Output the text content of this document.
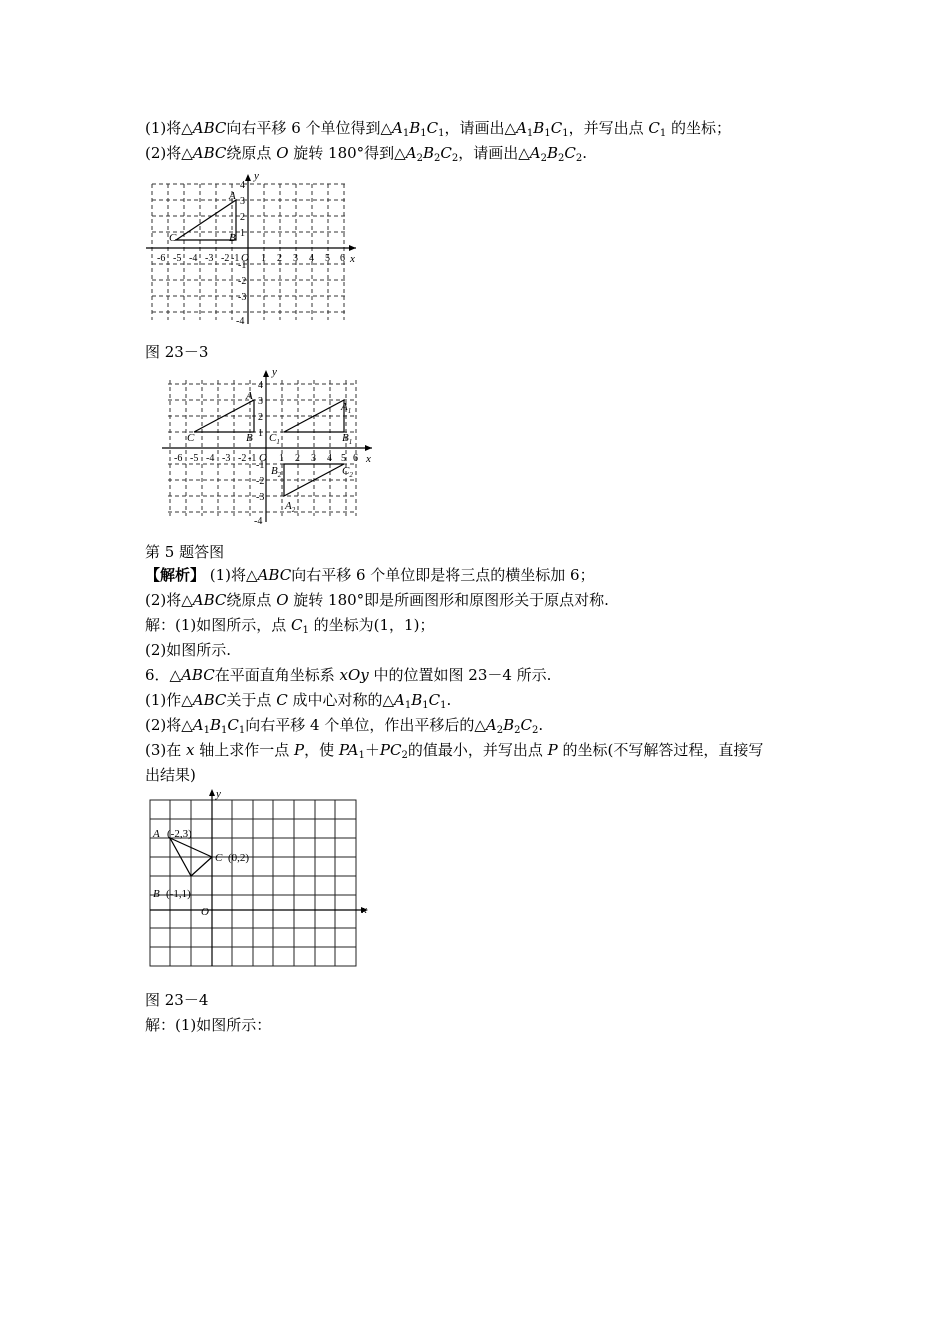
(1)将△ABC向右平移 6 个单位得到$\triangle A_1B_1C_1$，请画出$\triangle A_1B_1C_1$，并写出点 $C_1$ 的坐标；
(2)将△ABC绕原点 O 旋转 180°得到$\triangle A_2B_2C_2$，请画出$\triangle A_2B_2C_2$.
x
y
O
A
B
C
-6 -5 -4 -3 -2 -1 1 2 3 4 5 6
4
3
2
1
-1
-2
-3
-4
图 23－3
x
y
O
A
B
C
$A_1$
$B_1$
$C_1$
$A_2$
$B_2$	$C_2$
-6 -5 -4 -3 -2 -1 1 2 3 4 5 6
4
3
2
1
-1
-2
-3
-4
第 5 题答图
【解析】 (1)将△ABC向右平移 6 个单位即是将三点的横坐标加 6；
(2)将△ABC绕原点 O 旋转 180°即是所画图形和原图形关于原点对称.
解：(1)如图所示，点 $C_1$ 的坐标为(1，1)；
(2)如图所示.
6．△ABC在平面直角坐标系 xOy 中的位置如图 23－4 所示.
(1)作△ABC关于点 C 成中心对称的$\triangle A_1B_1C_1$.
(2)将$\triangle A_1B_1C_1$向右平移 4 个单位，作出平移后的$\triangle A_2B_2C_2$.
(3)在 x 轴上求作一点 P，使 $PA_1+PC_2$的值最小，并写出点 P 的坐标(不写解答过程，直接写
出结果)
x
y
O
A (-2,3)
B (-1,1)
C (0,2)
图 23－4
解：(1)如图所示：
